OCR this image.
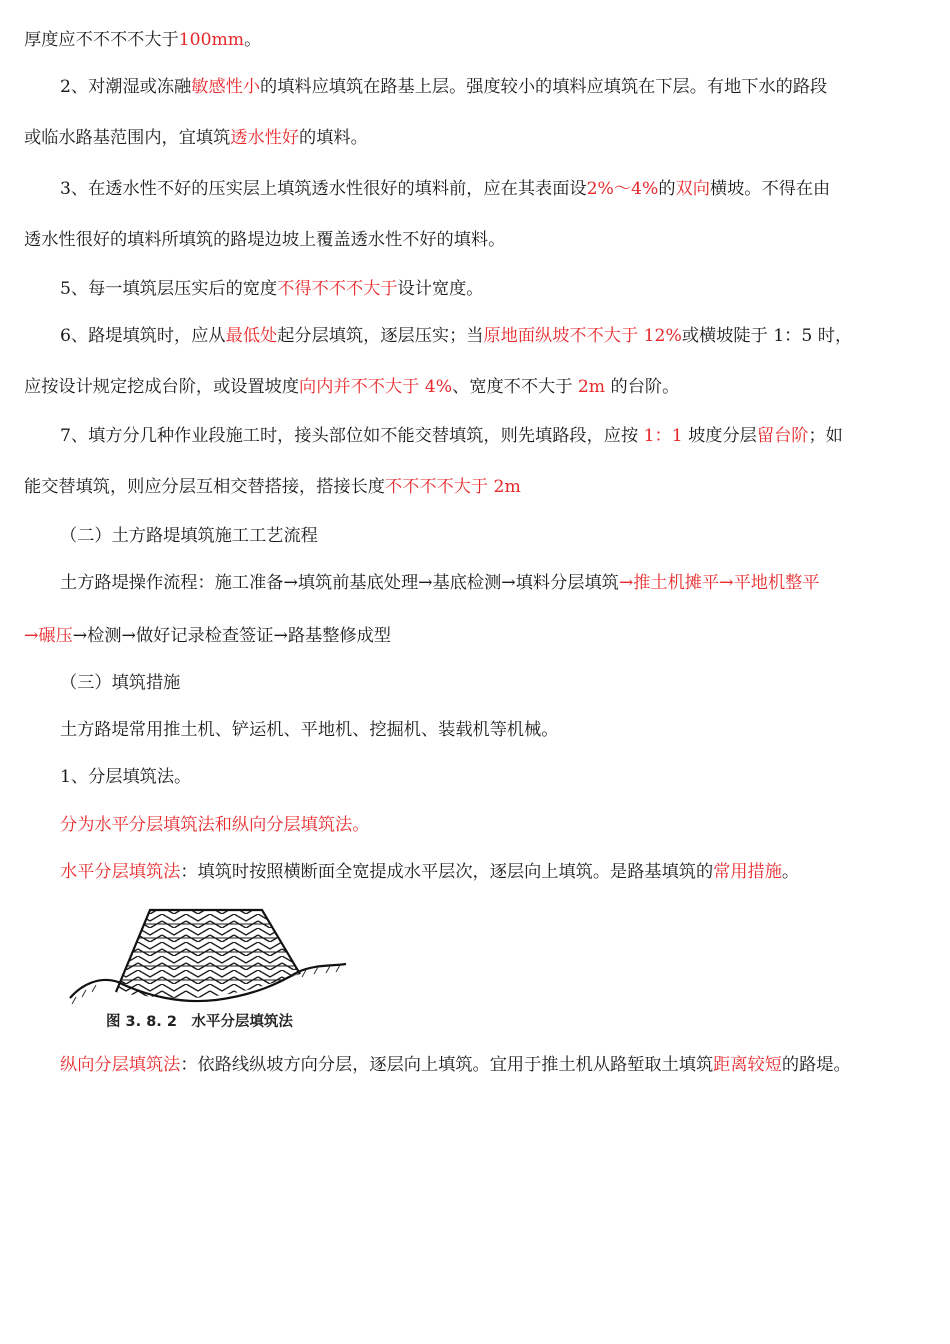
厚度应不不不不大于100mm。
2、对潮湿或冻融敏感性小的填料应填筑在路基上层。强度较小的填料应填筑在下层。有地下水的路段
或临水路基范围内，宜填筑透水性好的填料。
3、在透水性不好的压实层上填筑透水性很好的填料前，应在其表面设2%～4%的双向横坡。不得在由
透水性很好的填料所填筑的路堤边坡上覆盖透水性不好的填料。
5、每一填筑层压实后的宽度不得不不不大于设计宽度。
6、路堤填筑时，应从最低处起分层填筑，逐层压实；当原地面纵坡不不大于 12%或横坡陡于 1：5 时，
应按设计规定挖成台阶，或设置坡度向内并不不大于 4%、宽度不不大于 2m 的台阶。
7、填方分几种作业段施工时，接头部位如不能交替填筑，则先填路段，应按 1：1 坡度分层留台阶；如
能交替填筑，则应分层互相交替搭接，搭接长度不不不不大于 2m
（二）土方路堤填筑施工工艺流程
土方路堤操作流程：施工准备→填筑前基底处理→基底检测→填料分层填筑→推土机摊平→平地机整平
→碾压→检测→做好记录检查签证→路基整修成型
（三）填筑措施
土方路堤常用推土机、铲运机、平地机、挖掘机、装载机等机械。
1、分层填筑法。
分为水平分层填筑法和纵向分层填筑法。
水平分层填筑法：填筑时按照横断面全宽提成水平层次，逐层向上填筑。是路基填筑的常用措施。
纵向分层填筑法：依路线纵坡方向分层，逐层向上填筑。宜用于推土机从路堑取土填筑距离较短的路堤。
图 3. 8. 2　水平分层填筑法
